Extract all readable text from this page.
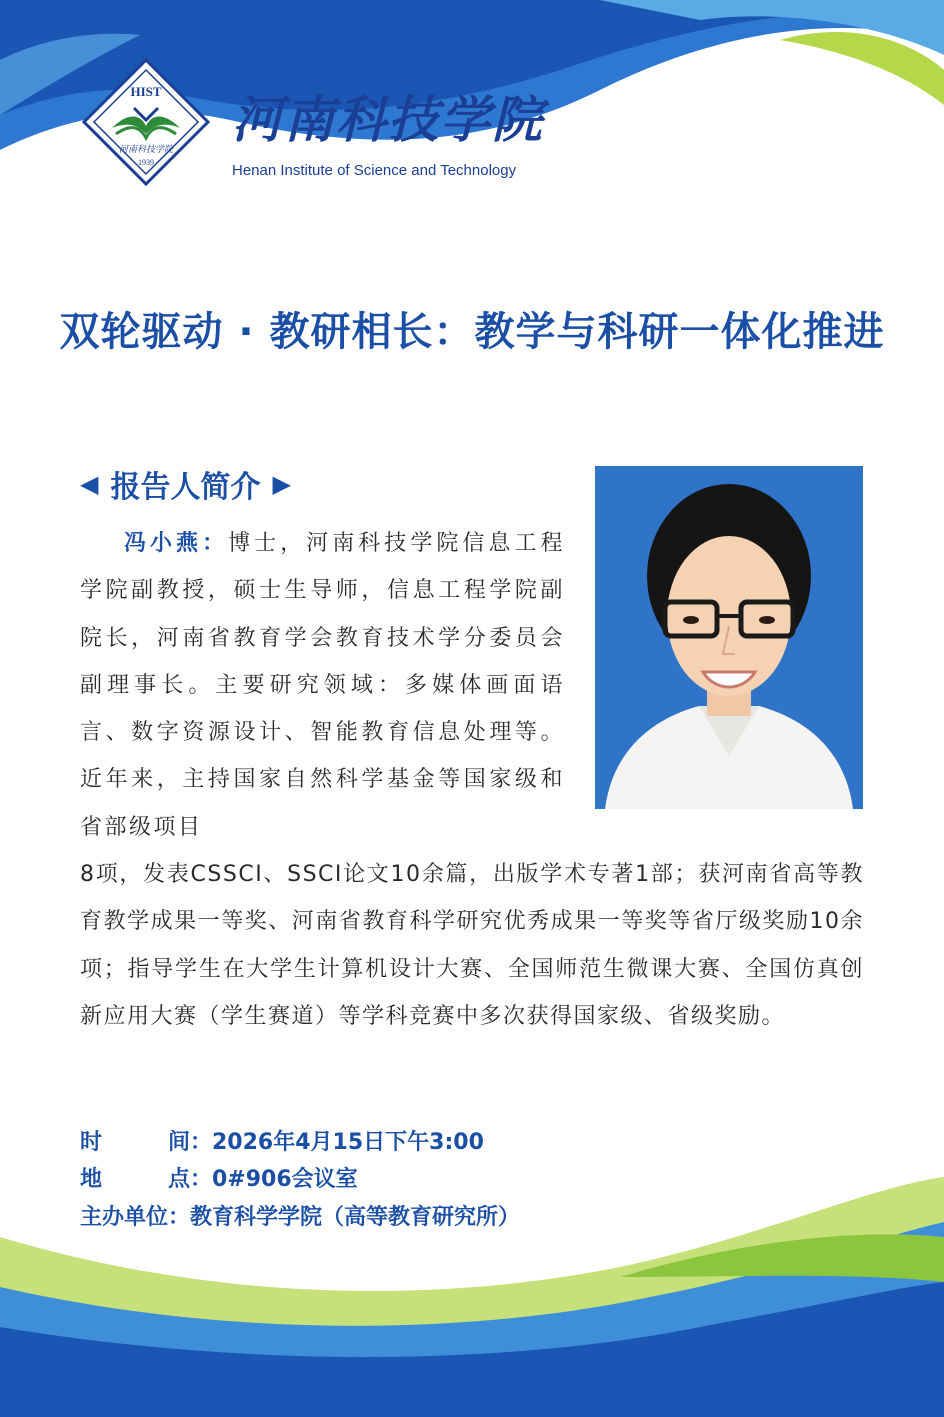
HIST
河南科技学院
1939
河南科技学院
Henan Institute of Science and Technology
双轮驱动 · 教研相长：教学与科研一体化推进
◀ 报告人简介 ▶
冯小燕：博士，河南科技学院信息工程学院副教授，硕士生导师，信息工程学院副院长，河南省教育学会教育技术学分委员会副理事长。主要研究领域：多媒体画面语言、数字资源设计、智能教育信息处理等。近年来，主持国家自然科学基金等国家级和省部级项目
8项，发表CSSCI、SSCI论文10余篇，出版学术专著1部；获河南省高等教育教学成果一等奖、河南省教育科学研究优秀成果一等奖等省厅级奖励10余项；指导学生在大学生计算机设计大赛、全国师范生微课大赛、全国仿真创新应用大赛（学生赛道）等学科竞赛中多次获得国家级、省级奖励。
时间：2026年4月15日下午3:00
地点：0#906会议室
主办单位：教育科学学院（高等教育研究所）
